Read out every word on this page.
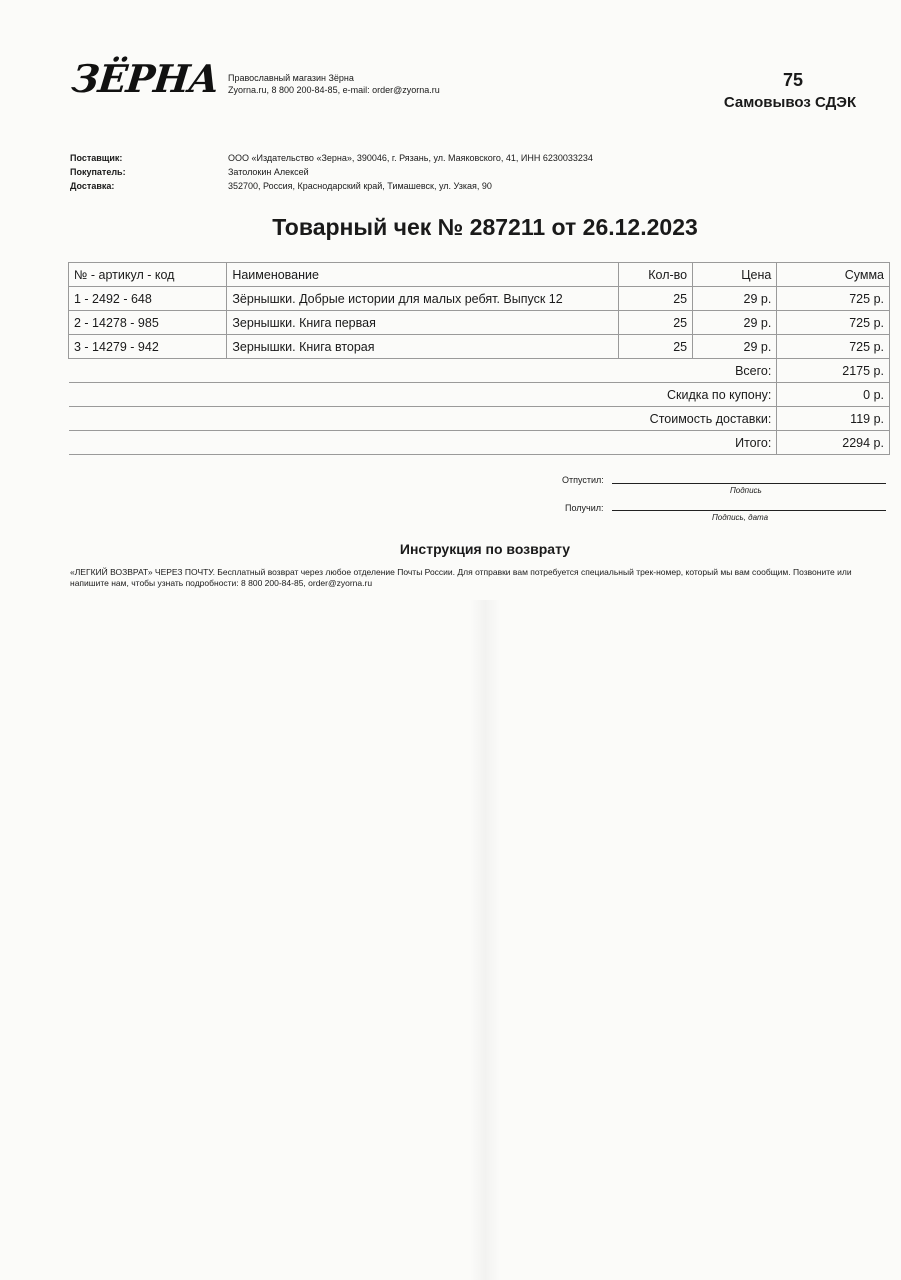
ЗЁРНА Православный магазин Зёрна
Zyorna.ru, 8 800 200-84-85, e-mail: order@zyorna.ru	75
Самовывоз СДЭК
Поставщик:	ООО «Издательство «Зерна», 390046, г. Рязань, ул. Маяковского, 41, ИНН 6230033234
Покупатель:	Затолокин Алексей
Доставка:	352700, Россия, Краснодарский край, Тимашевск, ул. Узкая, 90
Товарный чек № 287211 от 26.12.2023
№ - артикул - код	Наименование	Кол-во	Цена	Сумма
1 - 2492 - 648	Зёрнышки. Добрые истории для малых ребят. Выпуск 12	25	29 р.	725 р.
2 - 14278 - 985	Зернышки. Книга первая	25	29 р.	725 р.
3 - 14279 - 942	Зернышки. Книга вторая	25	29 р.	725 р.
Всего:				2175 р.
Скидка по купону:				0 р.
Стоимость доставки:				119 р.
Итого:				2294 р.
Отпустил:
Подпись
Получил:
Подпись, дата
Инструкция по возврату
«ЛЕГКИЙ ВОЗВРАТ» ЧЕРЕЗ ПОЧТУ. Бесплатный возврат через любое отделение Почты России. Для отправки вам потребуется специальный трек-номер, который мы вам сообщим. Позвоните или напишите нам, чтобы узнать подробности: 8 800 200-84-85, order@zyorna.ru
